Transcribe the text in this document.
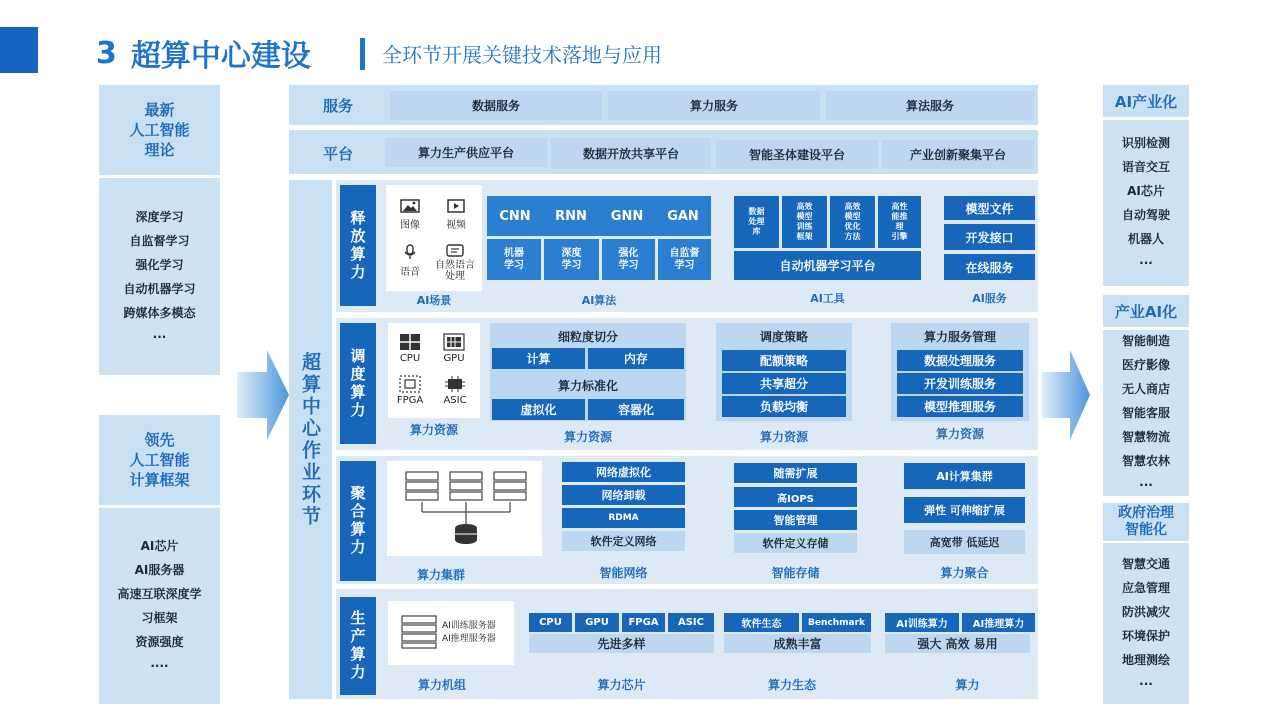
3 超算中心建设	全环节开展关键技术落地与应用
最新
人工智能
理论
深度学习
自监督学习
强化学习
自动机器学习
跨媒体多模态
···
领先
人工智能
计算框架
AI芯片
AI服务器
高速互联深度学
习框架
资源强度
····
超算中心作业环节
服务	数据服务	算力服务	算法服务
平台	算力生产供应平台	数据开放共享平台	智能圣体建设平台	产业创新聚集平台
释放算力	图像	视频
语音
自然语言
处理
AI场景
CNN	RNN	GNN	GAN
机器
学习
深度
学习
强化
学习
自监督
学习
AI算法
数据
处理
库
高效
模型
训练
框架
高效
模型
优化
方法
高性
能推
理
引擎
自动机器学习平台
AI工具
模型文件
开发接口
在线服务
AI服务
调度算力	CPU GPU
FPGA ASIC
算力资源
细粒度切分
计算	内存
算力标准化
虚拟化	容器化
算力资源
调度策略
配额策略
共享超分
负载均衡
算力资源
算力服务管理
数据处理服务
开发训练服务
模型推理服务
算力资源
聚合算力
算力集群
网络虚拟化
网络卸载
RDMA
软件定义网络
智能网络
随需扩展
高IOPS
智能管理
软件定义存储
智能存储
AI计算集群
弹性 可伸缩扩展
高宽带 低延迟
算力聚合
生产算力	AI训练服务器
AI推理服务器
算力机组
CPU	GPU	FPGA	ASIC
先进多样
算力芯片
软件生态	Benchmark
成熟丰富
算力生态
AI训练算力	AI推理算力
强大 高效 易用
算力
AI产业化
识别检测
语音交互
AI芯片
自动驾驶
机器人
···
产业AI化
智能制造
医疗影像
无人商店
智能客服
智慧物流
智慧农林
···
政府治理
智能化
智慧交通
应急管理
防洪减灾
环境保护
地理测绘
···
